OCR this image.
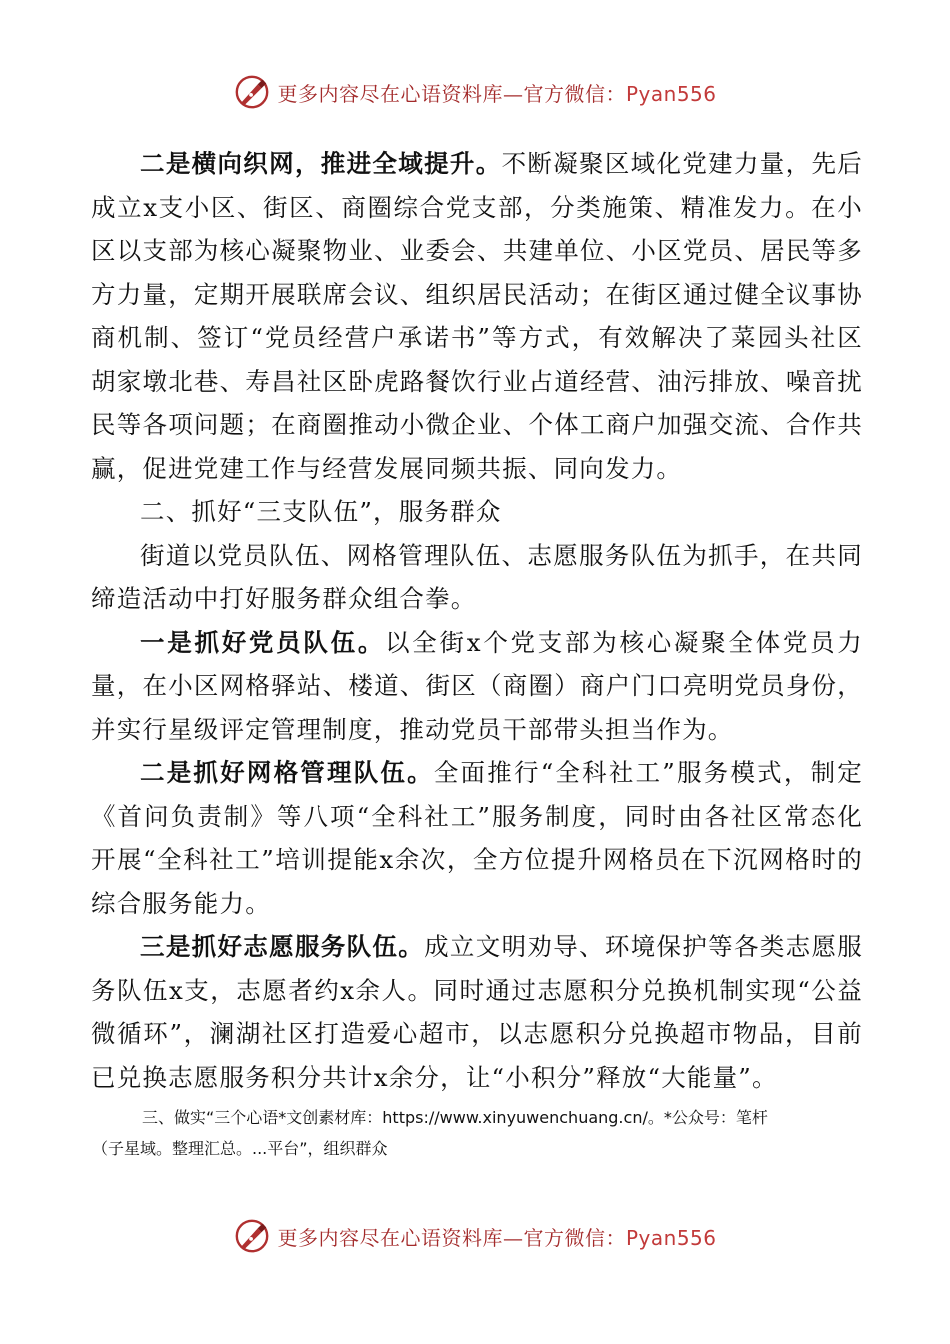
更多内容尽在心语资料库—官方微信：Pyan556

二是横向织网，推进全域提升。不断凝聚区域化党建力量，先后成立x支小区、街区、商圈综合党支部，分类施策、精准发力。在小区以支部为核心凝聚物业、业委会、共建单位、小区党员、居民等多方力量，定期开展联席会议、组织居民活动；在街区通过健全议事协商机制、签订“党员经营户承诺书”等方式，有效解决了菜园头社区胡家墩北巷、寿昌社区卧虎路餐饮行业占道经营、油污排放、噪音扰民等各项问题；在商圈推动小微企业、个体工商户加强交流、合作共赢，促进党建工作与经营发展同频共振、同向发力。

二、抓好“三支队伍”，服务群众

街道以党员队伍、网格管理队伍、志愿服务队伍为抓手，在共同缔造活动中打好服务群众组合拳。

一是抓好党员队伍。以全街x个党支部为核心凝聚全体党员力量，在小区网格驿站、楼道、街区（商圈）商户门口亮明党员身份，并实行星级评定管理制度，推动党员干部带头担当作为。

二是抓好网格管理队伍。全面推行“全科社工”服务模式，制定《首问负责制》等八项“全科社工”服务制度，同时由各社区常态化开展“全科社工”培训提能x余次，全方位提升网格员在下沉网格时的综合服务能力。

三是抓好志愿服务队伍。成立文明劝导、环境保护等各类志愿服务队伍x支，志愿者约x余人。同时通过志愿积分兑换机制实现“公益微循环”，澜湖社区打造爱心超市，以志愿积分兑换超市物品，目前已兑换志愿服务积分共计x余分，让“小积分”释放“大能量”。

三、做实“三个心语*文创素材库：https://www.xinyuwenchuang.cn/。*公众号：笔杆

（子星域。整理汇总。...平台”，组织群众

更多内容尽在心语资料库—官方微信：Pyan556
